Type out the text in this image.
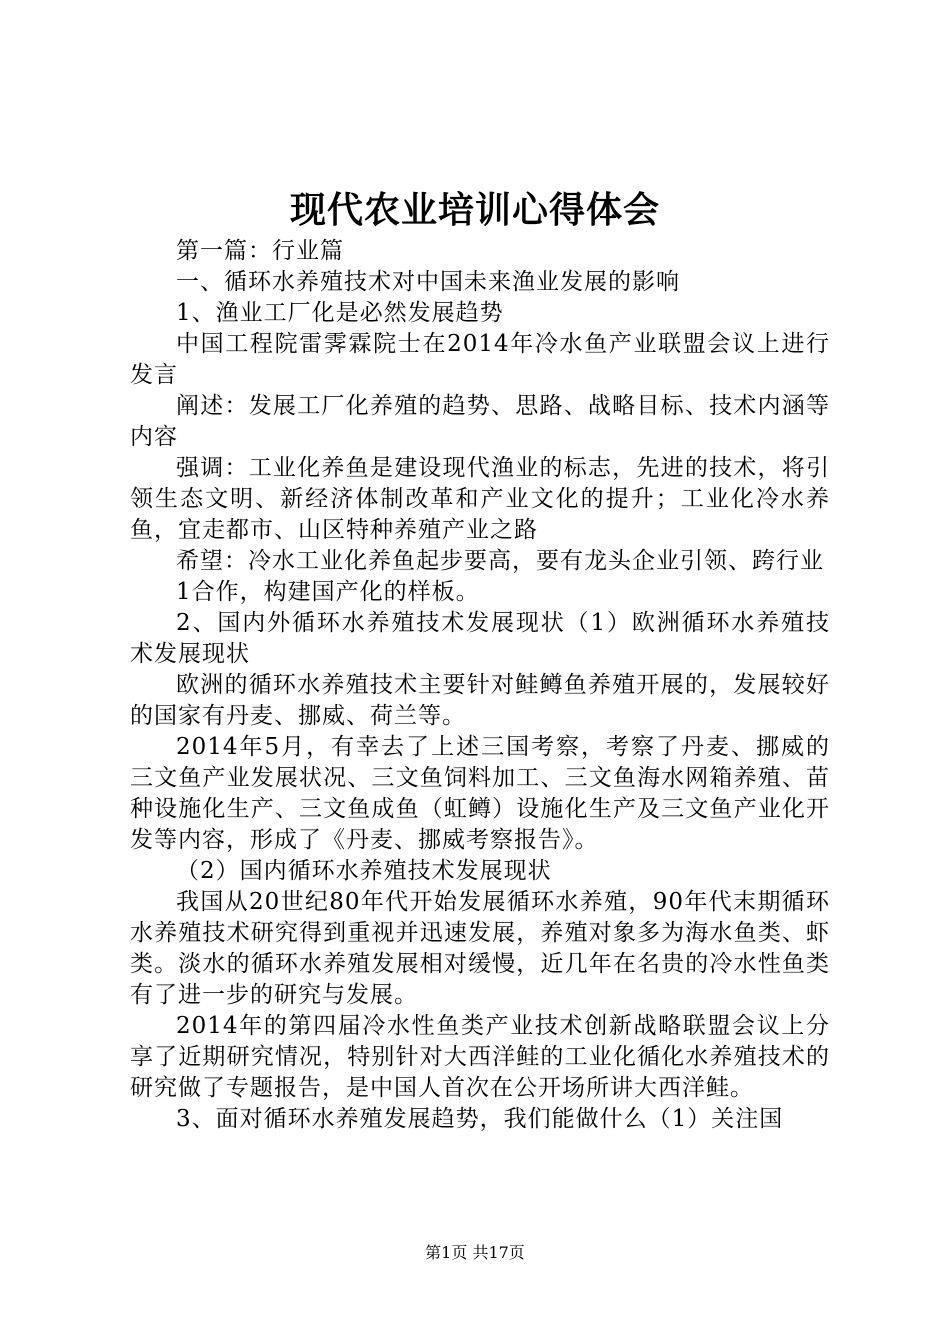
现代农业培训心得体会

第一篇：行业篇

一、循环水养殖技术对中国未来渔业发展的影响

1、渔业工厂化是必然发展趋势

中国工程院雷霁霖院士在2014年冷水鱼产业联盟会议上进行发言

阐述：发展工厂化养殖的趋势、思路、战略目标、技术内涵等内容

强调：工业化养鱼是建设现代渔业的标志，先进的技术，将引领生态文明、新经济体制改革和产业文化的提升；工业化冷水养鱼，宜走都市、山区特种养殖产业之路

希望：冷水工业化养鱼起步要高，要有龙头企业引领、跨行业

1合作，构建国产化的样板。

2、国内外循环水养殖技术发展现状（1）欧洲循环水养殖技术发展现状

欧洲的循环水养殖技术主要针对鲑鳟鱼养殖开展的，发展较好的国家有丹麦、挪威、荷兰等。

2014年5月，有幸去了上述三国考察，考察了丹麦、挪威的三文鱼产业发展状况、三文鱼饲料加工、三文鱼海水网箱养殖、苗种设施化生产、三文鱼成鱼（虹鳟）设施化生产及三文鱼产业化开发等内容，形成了《丹麦、挪威考察报告》。

（2）国内循环水养殖技术发展现状

我国从20世纪80年代开始发展循环水养殖，90年代末期循环水养殖技术研究得到重视并迅速发展，养殖对象多为海水鱼类、虾类。淡水的循环水养殖发展相对缓慢，近几年在名贵的冷水性鱼类有了进一步的研究与发展。

2014年的第四届冷水性鱼类产业技术创新战略联盟会议上分享了近期研究情况，特别针对大西洋鲑的工业化循化水养殖技术的研究做了专题报告，是中国人首次在公开场所讲大西洋鲑。

3、面对循环水养殖发展趋势，我们能做什么（1）关注国

第1页 共17页
